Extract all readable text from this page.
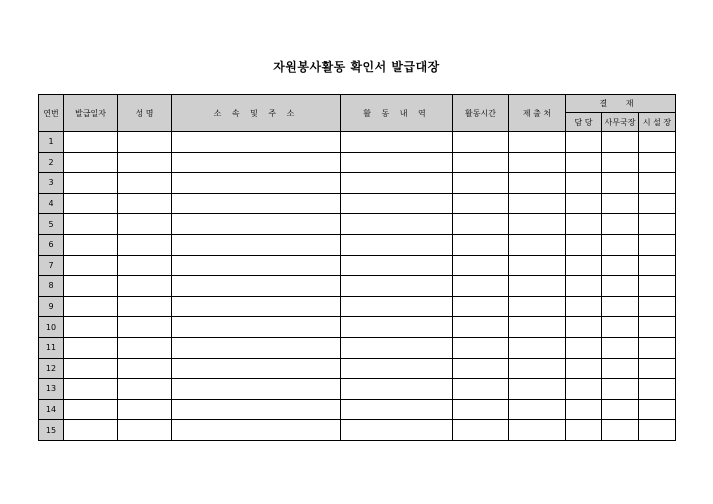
자원봉사활동 확인서 발급대장
연번	발급일자	성 명	소 속 및 주 소	활 동 내 역	활동시간	제 출 처	결 재		
							담 당	사무국장	시 설 장
1									
2									
3									
4									
5									
6									
7									
8									
9									
10									
11									
12									
13									
14									
15									
